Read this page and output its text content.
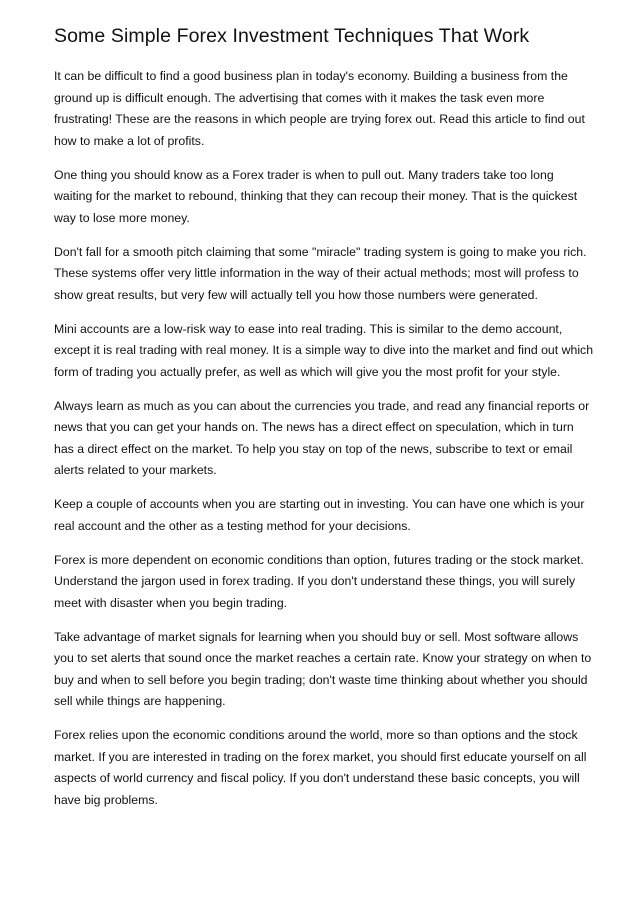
Some Simple Forex Investment Techniques That Work

It can be difficult to find a good business plan in today's economy. Building a business from the ground up is difficult enough. The advertising that comes with it makes the task even more frustrating! These are the reasons in which people are trying forex out. Read this article to find out how to make a lot of profits.

One thing you should know as a Forex trader is when to pull out. Many traders take too long waiting for the market to rebound, thinking that they can recoup their money. That is the quickest way to lose more money.

Don't fall for a smooth pitch claiming that some "miracle" trading system is going to make you rich. These systems offer very little information in the way of their actual methods; most will profess to show great results, but very few will actually tell you how those numbers were generated.

Mini accounts are a low-risk way to ease into real trading. This is similar to the demo account, except it is real trading with real money. It is a simple way to dive into the market and find out which form of trading you actually prefer, as well as which will give you the most profit for your style.

Always learn as much as you can about the currencies you trade, and read any financial reports or news that you can get your hands on. The news has a direct effect on speculation, which in turn has a direct effect on the market. To help you stay on top of the news, subscribe to text or email alerts related to your markets.

Keep a couple of accounts when you are starting out in investing. You can have one which is your real account and the other as a testing method for your decisions.

Forex is more dependent on economic conditions than option, futures trading or the stock market. Understand the jargon used in forex trading. If you don't understand these things, you will surely meet with disaster when you begin trading.

Take advantage of market signals for learning when you should buy or sell. Most software allows you to set alerts that sound once the market reaches a certain rate. Know your strategy on when to buy and when to sell before you begin trading; don't waste time thinking about whether you should sell while things are happening.

Forex relies upon the economic conditions around the world, more so than options and the stock market. If you are interested in trading on the forex market, you should first educate yourself on all aspects of world currency and fiscal policy. If you don't understand these basic concepts, you will have big problems.
